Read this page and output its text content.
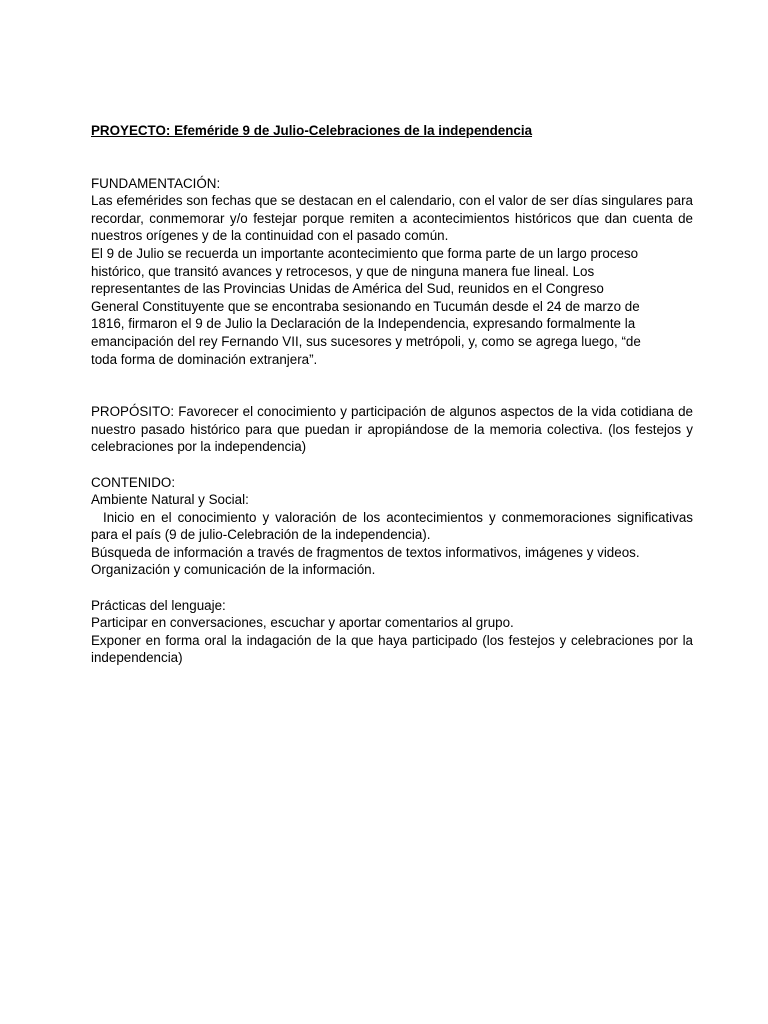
PROYECTO: Efeméride 9 de Julio-Celebraciones de la independencia

FUNDAMENTACIÓN:

Las efemérides son fechas que se destacan en el calendario, con el valor de ser días singulares para recordar, conmemorar y/o festejar porque remiten a acontecimientos históricos que dan cuenta de nuestros orígenes y de la continuidad con el pasado común.

El 9 de Julio se recuerda un importante acontecimiento que forma parte de un largo proceso
histórico, que transitó avances y retrocesos, y que de ninguna manera fue lineal. Los
representantes de las Provincias Unidas de América del Sud, reunidos en el Congreso
General Constituyente que se encontraba sesionando en Tucumán desde el 24 de marzo de
1816, firmaron el 9 de Julio la Declaración de la Independencia, expresando formalmente la
emancipación del rey Fernando VII, sus sucesores y metrópoli, y, como se agrega luego, “de
toda forma de dominación extranjera”.

PROPÓSITO: Favorecer el conocimiento y participación de algunos aspectos de la vida cotidiana de nuestro pasado histórico para que puedan ir apropiándose de la memoria colectiva. (los festejos y celebraciones por la independencia)

CONTENIDO:

Ambiente Natural y Social:

Inicio en el conocimiento y valoración de los acontecimientos y conmemoraciones significativas para el país (9 de julio-Celebración de la independencia).

Búsqueda de información a través de fragmentos de textos informativos, imágenes y videos.

Organización y comunicación de la información.

Prácticas del lenguaje:

Participar en conversaciones, escuchar y aportar comentarios al grupo.

Exponer en forma oral la indagación de la que haya participado (los festejos y celebraciones por la independencia)
